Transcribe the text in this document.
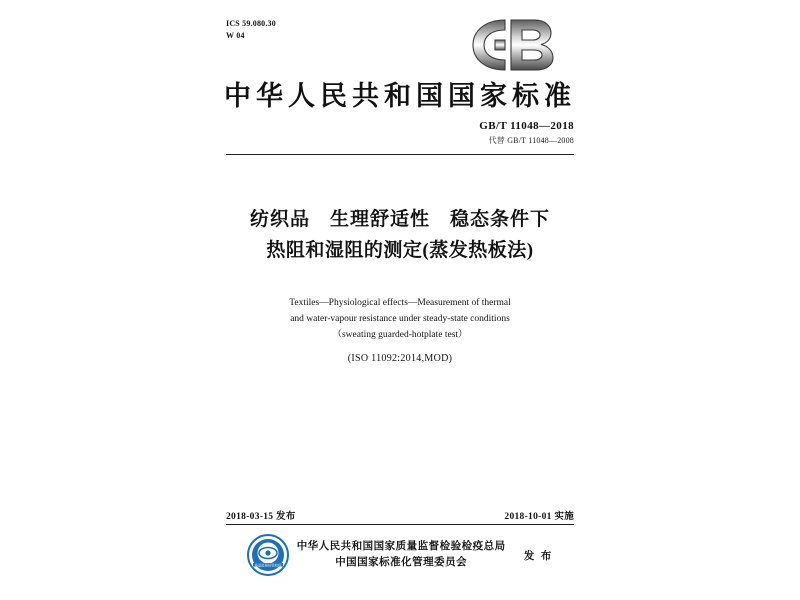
ICS 59.080.30
W 04
中华人民共和国国家标准
GB/T 11048—2018
代替 GB/T 11048—2008
纺织品　生理舒适性　稳态条件下
热阻和湿阻的测定(蒸发热板法)
Textiles—Physiological effects—Measurement of thermal
and water-vapour resistance under steady-state conditions
（sweating guarded-hotplate test）
(ISO 11092:2014,MOD)
2018-03-15 发布	2018-10-01 实施
质量监督检验检疫
中华人民共和国国家质量监督检验检疫总局
中国国家标准化管理委员会
发 布
